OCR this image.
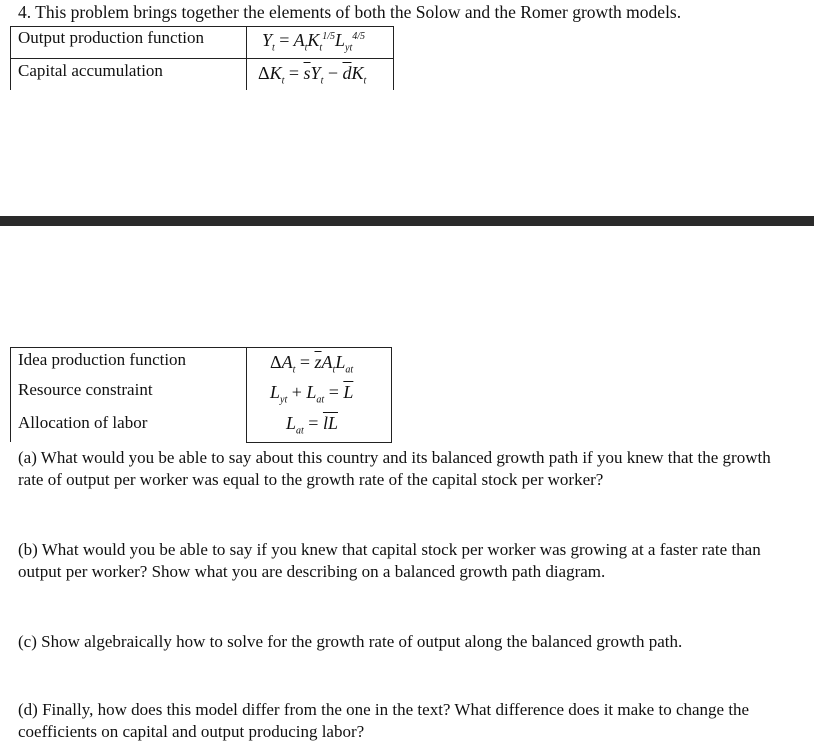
4. This problem brings together the elements of both the Solow and the Romer growth models.
Output production function	$Y_t = A_tK_t^{1/5}L_{yt}^{4/5}$
Capital accumulation	$\Delta K_t = \overline{s}Y_t - \overline{d}K_t$
Idea production function	$\Delta A_t = \overline{z}A_tL_{at}$
Resource constraint	$L_{yt} + L_{at} = \overline{L}$
Allocation of labor	$L_{at} = \overline{l}\overline{L}$
(a) What would you be able to say about this country and its balanced growth path if you knew that the growth rate of output per worker was equal to the growth rate of the capital stock per worker?
(b) What would you be able to say if you knew that capital stock per worker was growing at a faster rate than output per worker? Show what you are describing on a balanced growth path diagram.
(c) Show algebraically how to solve for the growth rate of output along the balanced growth path.
(d) Finally, how does this model differ from the one in the text? What difference does it make to change the coefficients on capital and output producing labor?
